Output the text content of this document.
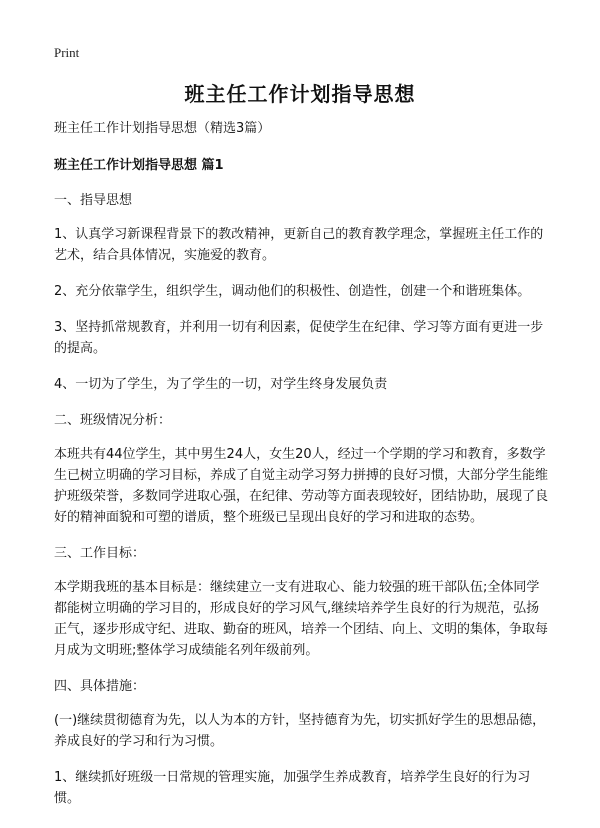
Print
班主任工作计划指导思想

班主任工作计划指导思想（精选3篇）

班主任工作计划指导思想 篇1

一、指导思想

1、认真学习新课程背景下的教改精神，更新自己的教育教学理念，掌握班主任工作的艺术，结合具体情况，实施爱的教育。

2、充分依靠学生，组织学生，调动他们的积极性、创造性，创建一个和谐班集体。

3、坚持抓常规教育，并利用一切有利因素，促使学生在纪律、学习等方面有更进一步的提高。

4、一切为了学生，为了学生的一切，对学生终身发展负责

二、班级情况分析：

本班共有44位学生，其中男生24人，女生20人，经过一个学期的学习和教育，多数学生已树立明确的学习目标，养成了自觉主动学习努力拼搏的良好习惯，大部分学生能维护班级荣誉，多数同学进取心强，在纪律、劳动等方面表现较好，团结协助，展现了良好的精神面貌和可塑的谱质，整个班级已呈现出良好的学习和进取的态势。

三、工作目标：

本学期我班的基本目标是：继续建立一支有进取心、能力较强的班干部队伍;全体同学都能树立明确的学习目的，形成良好的学习风气,继续培养学生良好的行为规范，弘扬正气，逐步形成守纪、进取、勤奋的班风，培养一个团结、向上、文明的集体，争取每月成为文明班;整体学习成绩能名列年级前列。

四、具体措施：

(一)继续贯彻德育为先，以人为本的方针，坚持德育为先，切实抓好学生的思想品德，养成良好的学习和行为习惯。

1、继续抓好班级一日常规的管理实施，加强学生养成教育，培养学生良好的行为习惯。
